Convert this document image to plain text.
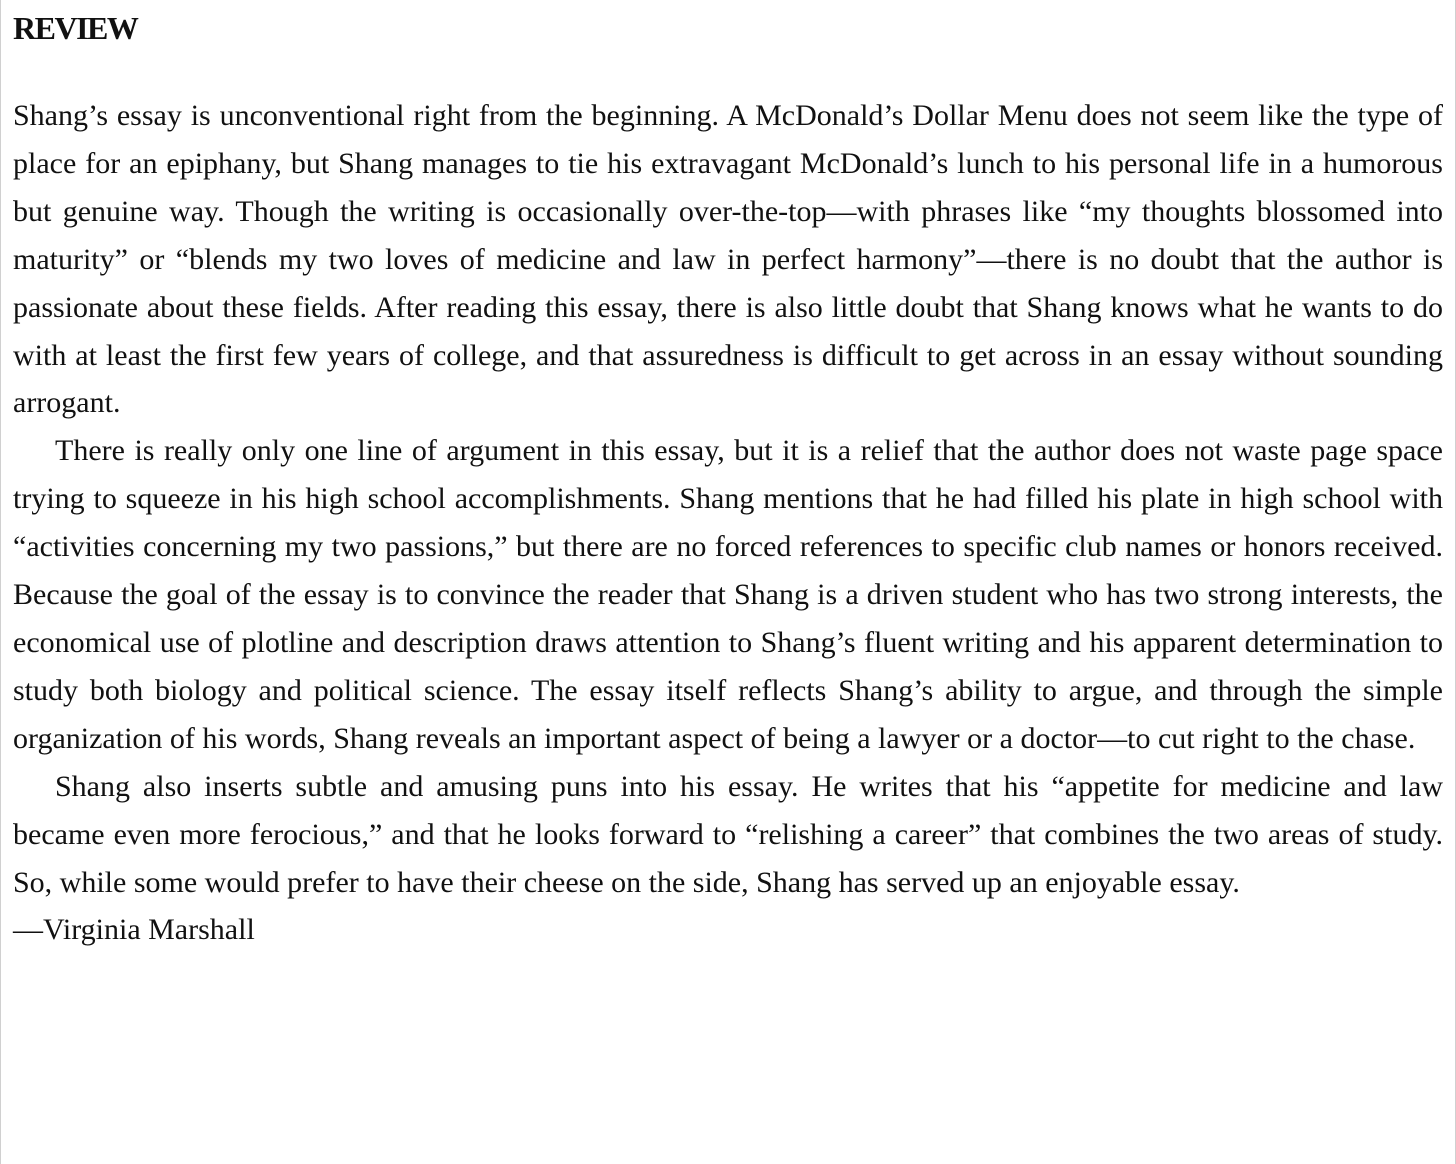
REVIEW

Shang’s essay is unconventional right from the beginning. A McDonald’s Dollar Menu does not seem like the type of place for an epiphany, but Shang manages to tie his extravagant McDonald’s lunch to his personal life in a humorous but genuine way. Though the writing is occasionally over-the-top—with phrases like “my thoughts blossomed into maturity” or “blends my two loves of medicine and law in perfect harmony”—there is no doubt that the author is passionate about these fields. After reading this essay, there is also little doubt that Shang knows what he wants to do with at least the first few years of college, and that assuredness is difficult to get across in an essay without sounding arrogant.

There is really only one line of argument in this essay, but it is a relief that the author does not waste page space trying to squeeze in his high school accomplishments. Shang mentions that he had filled his plate in high school with “activities concerning my two passions,” but there are no forced references to specific club names or honors received. Because the goal of the essay is to convince the reader that Shang is a driven student who has two strong interests, the economical use of plotline and description draws attention to Shang’s fluent writing and his apparent determination to study both biology and political science. The essay itself reflects Shang’s ability to argue, and through the simple organization of his words, Shang reveals an important aspect of being a lawyer or a doctor—to cut right to the chase.

Shang also inserts subtle and amusing puns into his essay. He writes that his “appetite for medicine and law became even more ferocious,” and that he looks forward to “relishing a career” that combines the two areas of study. So, while some would prefer to have their cheese on the side, Shang has served up an enjoyable essay.

—Virginia Marshall
